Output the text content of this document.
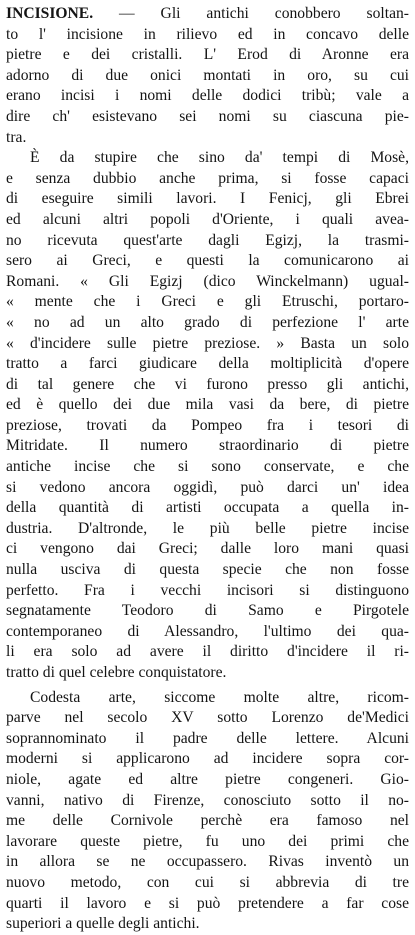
INCISIONE. — Gli antichi conobbero soltan-
to l' incisione in rilievo ed in concavo delle
pietre e dei cristalli. L' Erod di Aronne era
adorno di due onici montati in oro, su cui
erano incisi i nomi delle dodici tribù; vale a
dire ch' esistevano sei nomi su ciascuna pie-
tra.
È da stupire che sino da' tempi di Mosè,
e senza dubbio anche prima, si fosse capaci
di eseguire simili lavori. I Fenicj, gli Ebrei
ed alcuni altri popoli d'Oriente, i quali avea-
no ricevuta quest'arte dagli Egizj, la trasmi-
sero ai Greci, e questi la comunicarono ai
Romani. « Gli Egizj (dico Winckelmann) ugual-
« mente che i Greci e gli Etruschi, portaro-
« no ad un alto grado di perfezione l' arte
« d'incidere sulle pietre preziose. » Basta un solo
tratto a farci giudicare della moltiplicità d'opere
di tal genere che vi furono presso gli antichi,
ed è quello dei due mila vasi da bere, di pietre
preziose, trovati da Pompeo fra i tesori di
Mitridate. Il numero straordinario di pietre
antiche incise che si sono conservate, e che
si vedono ancora oggidì, può darci un' idea
della quantità di artisti occupata a quella in-
dustria. D'altronde, le più belle pietre incise
ci vengono dai Greci; dalle loro mani quasi
nulla usciva di questa specie che non fosse
perfetto. Fra i vecchi incisori si distinguono
segnatamente Teodoro di Samo e Pirgotele
contemporaneo di Alessandro, l'ultimo dei qua-
li era solo ad avere il diritto d'incidere il ri-
tratto di quel celebre conquistatore.
Codesta arte, siccome molte altre, ricom-
parve nel secolo XV sotto Lorenzo de'Medici
soprannominato il padre delle lettere. Alcuni
moderni si applicarono ad incidere sopra cor-
niole, agate ed altre pietre congeneri. Gio-
vanni, nativo di Firenze, conosciuto sotto il no-
me delle Cornivole perchè era famoso nel
lavorare queste pietre, fu uno dei primi che
in allora se ne occupassero. Rivas inventò un
nuovo metodo, con cui si abbrevia di tre
quarti il lavoro e si può pretendere a far cose
superiori a quelle degli antichi.
